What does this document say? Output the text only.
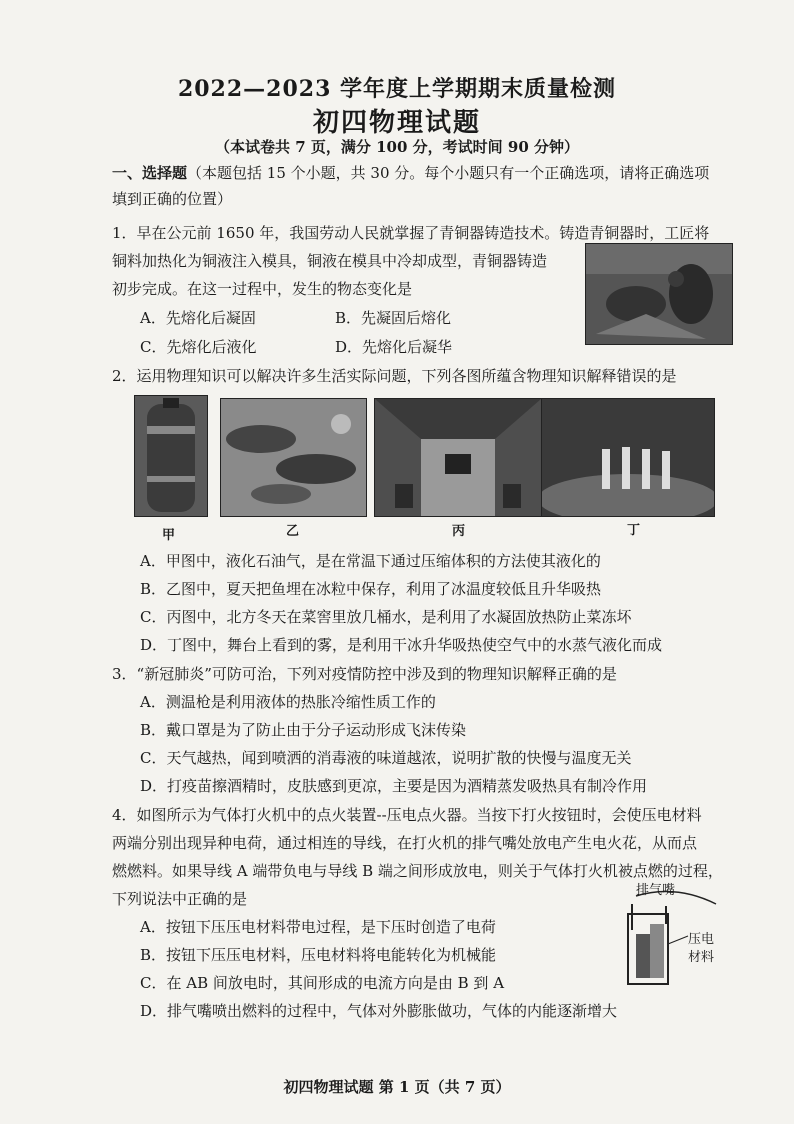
2022—2023 学年度上学期期末质量检测
初四物理试题
（本试卷共 7 页，满分 100 分，考试时间 90 分钟）
一、选择题（本题包括 15 个小题，共 30 分。每个小题只有一个正确选项，请将正确选项
填到正确的位置）
1．早在公元前 1650 年，我国劳动人民就掌握了青铜器铸造技术。铸造青铜器时，工匠将
铜料加热化为铜液注入模具，铜液在模具中冷却成型，青铜器铸造
初步完成。在这一过程中，发生的物态变化是
A．先熔化后凝固	B．先凝固后熔化
C．先熔化后液化	D．先熔化后凝华
2．运用物理知识可以解决许多生活实际问题，下列各图所蕴含物理知识解释错误的是
甲	乙	丙	丁
A．甲图中，液化石油气，是在常温下通过压缩体积的方法使其液化的
B．乙图中，夏天把鱼埋在冰粒中保存，利用了冰温度较低且升华吸热
C．丙图中，北方冬天在菜窖里放几桶水，是利用了水凝固放热防止菜冻坏
D．丁图中，舞台上看到的雾，是利用干冰升华吸热使空气中的水蒸气液化而成
3．“新冠肺炎”可防可治，下列对疫情防控中涉及到的物理知识解释正确的是
A．测温枪是利用液体的热胀冷缩性质工作的
B．戴口罩是为了防止由于分子运动形成飞沫传染
C．天气越热，闻到喷洒的消毒液的味道越浓，说明扩散的快慢与温度无关
D．打疫苗擦酒精时，皮肤感到更凉，主要是因为酒精蒸发吸热具有制冷作用
4．如图所示为气体打火机中的点火装置--压电点火器。当按下打火按钮时，会使压电材料
两端分别出现异种电荷，通过相连的导线，在打火机的排气嘴处放电产生电火花，从而点
燃燃料。如果导线 A 端带负电与导线 B 端之间形成放电，则关于气体打火机被点燃的过程，
下列说法中正确的是
A．按钮下压压电材料带电过程，是下压时创造了电荷
B．按钮下压压电材料，压电材料将电能转化为机械能
C．在 AB 间放电时，其间形成的电流方向是由 B 到 A
D．排气嘴喷出燃料的过程中，气体对外膨胀做功，气体的内能逐渐增大
排气嘴
压电
材料
初四物理试题 第 1 页（共 7 页）
